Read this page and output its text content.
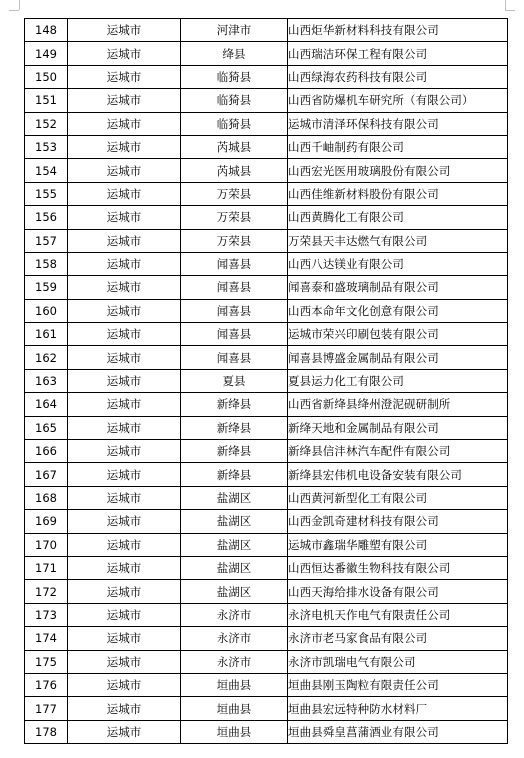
148	运城市	河津市	山西炬华新材料科技有限公司
149	运城市	绛县	山西瑞洁环保工程有限公司
150	运城市	临猗县	山西绿海农药科技有限公司
151	运城市	临猗县	山西省防爆机车研究所（有限公司）
152	运城市	临猗县	运城市清泽环保科技有限公司
153	运城市	芮城县	山西千岫制药有限公司
154	运城市	芮城县	山西宏光医用玻璃股份有限公司
155	运城市	万荣县	山西佳维新材料股份有限公司
156	运城市	万荣县	山西黄腾化工有限公司
157	运城市	万荣县	万荣县天丰达燃气有限公司
158	运城市	闻喜县	山西八达镁业有限公司
159	运城市	闻喜县	闻喜泰和盛玻璃制品有限公司
160	运城市	闻喜县	山西本命年文化创意有限公司
161	运城市	闻喜县	运城市荣兴印刷包装有限公司
162	运城市	闻喜县	闻喜县博盛金属制品有限公司
163	运城市	夏县	夏县运力化工有限公司
164	运城市	新绛县	山西省新绛县绛州澄泥砚研制所
165	运城市	新绛县	新绛天地和金属制品有限公司
166	运城市	新绛县	新绛县信沣林汽车配件有限公司
167	运城市	新绛县	新绛县宏伟机电设备安装有限公司
168	运城市	盐湖区	山西黄河新型化工有限公司
169	运城市	盐湖区	山西金凯奇建材科技有限公司
170	运城市	盐湖区	运城市鑫瑞华雕塑有限公司
171	运城市	盐湖区	山西恒达番徽生物科技有限公司
172	运城市	盐湖区	山西天海给排水设备有限公司
173	运城市	永济市	永济电机天作电气有限责任公司
174	运城市	永济市	永济市老马家食品有限公司
175	运城市	永济市	永济市凯瑞电气有限公司
176	运城市	垣曲县	垣曲县刚玉陶粒有限责任公司
177	运城市	垣曲县	垣曲县宏远特种防水材料厂
178	运城市	垣曲县	垣曲县舜皇菖蒲酒业有限公司
